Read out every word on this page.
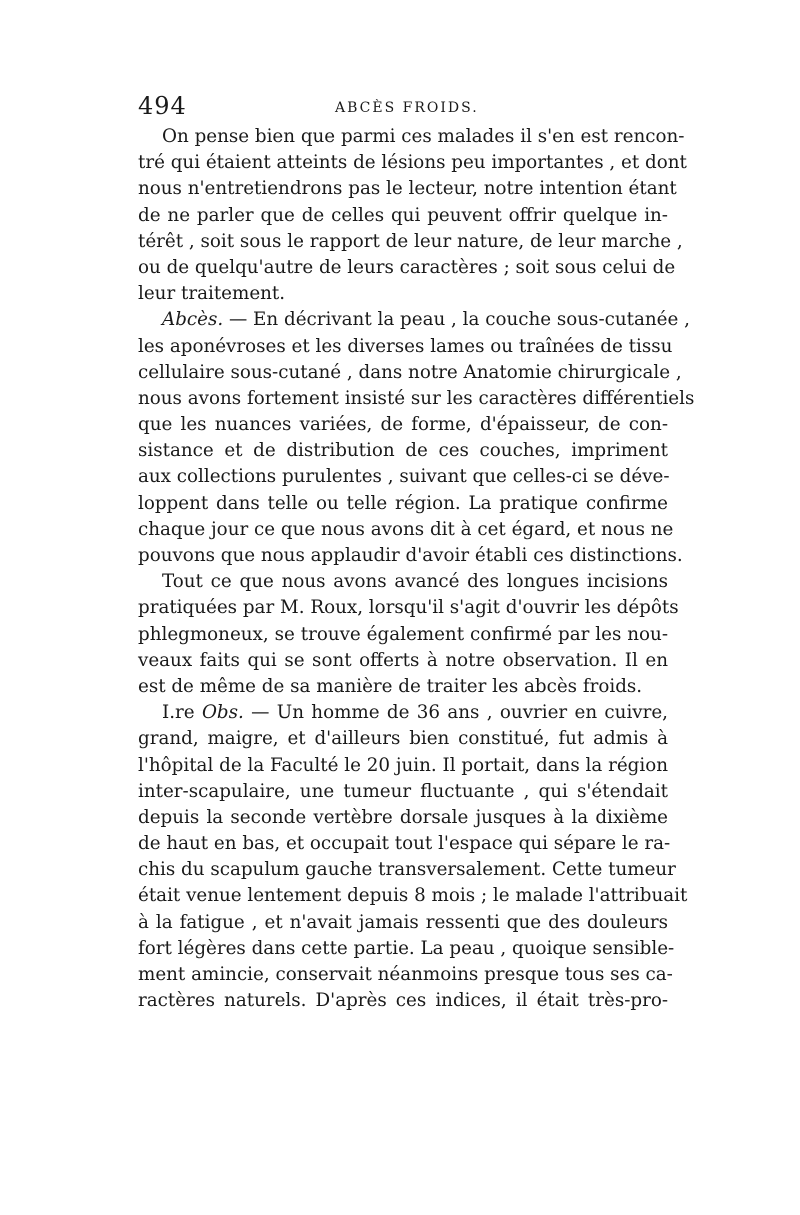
494	ABCÈS FROIDS.
On pense bien que parmi ces malades il s'en est rencon-
tré qui étaient atteints de lésions peu importantes , et dont
nous n'entretiendrons pas le lecteur, notre intention étant
de ne parler que de celles qui peuvent offrir quelque in-
térêt , soit sous le rapport de leur nature, de leur marche ,
ou de quelqu'autre de leurs caractères ; soit sous celui de
leur traitement.
Abcès. — En décrivant la peau , la couche sous-cutanée ,
les aponévroses et les diverses lames ou traînées de tissu
cellulaire sous-cutané , dans notre Anatomie chirurgicale ,
nous avons fortement insisté sur les caractères différentiels
que les nuances variées, de forme, d'épaisseur, de con-
sistance et de distribution de ces couches, impriment
aux collections purulentes , suivant que celles-ci se déve-
loppent dans telle ou telle région. La pratique confirme
chaque jour ce que nous avons dit à cet égard, et nous ne
pouvons que nous applaudir d'avoir établi ces distinctions.
Tout ce que nous avons avancé des longues incisions
pratiquées par M. Roux, lorsqu'il s'agit d'ouvrir les dépôts
phlegmoneux, se trouve également confirmé par les nou-
veaux faits qui se sont offerts à notre observation. Il en
est de même de sa manière de traiter les abcès froids.
I.re Obs. — Un homme de 36 ans , ouvrier en cuivre,
grand, maigre, et d'ailleurs bien constitué, fut admis à
l'hôpital de la Faculté le 20 juin. Il portait, dans la région
inter-scapulaire, une tumeur fluctuante , qui s'étendait
depuis la seconde vertèbre dorsale jusques à la dixième
de haut en bas, et occupait tout l'espace qui sépare le ra-
chis du scapulum gauche transversalement. Cette tumeur
était venue lentement depuis 8 mois ; le malade l'attribuait
à la fatigue , et n'avait jamais ressenti que des douleurs
fort légères dans cette partie. La peau , quoique sensible-
ment amincie, conservait néanmoins presque tous ses ca-
ractères naturels. D'après ces indices, il était très-pro-
